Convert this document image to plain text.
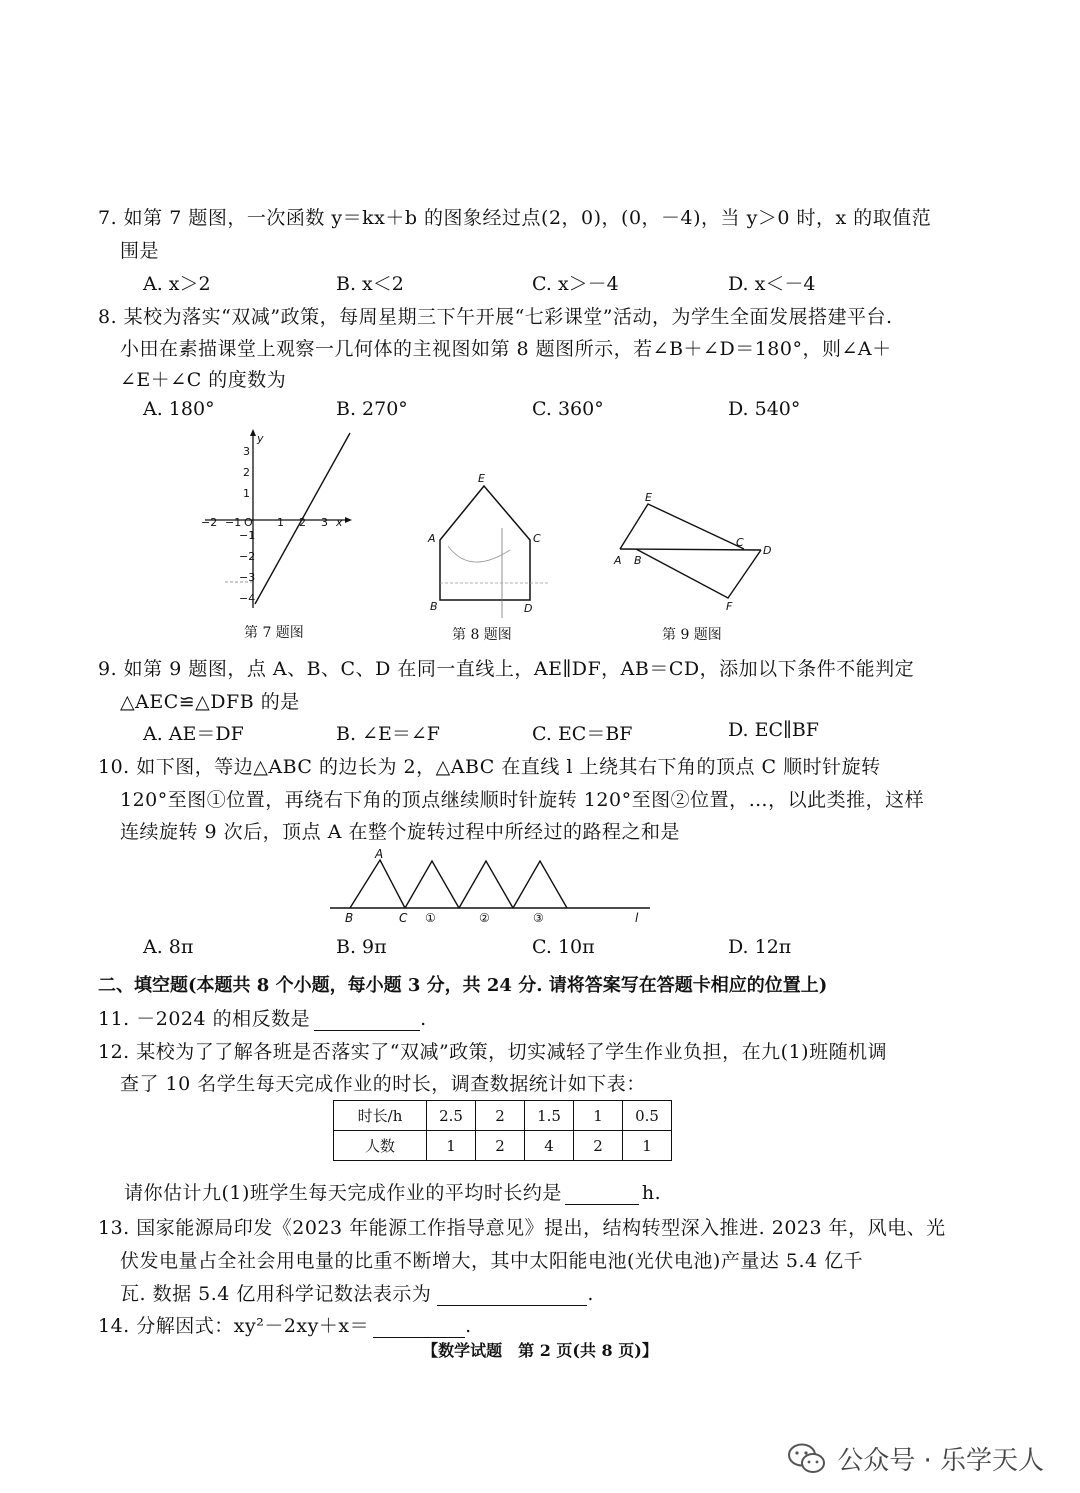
7. 如第 7 题图，一次函数 y＝kx＋b 的图象经过点(2，0)，(0，－4)，当 y＞0 时，x 的取值范
围是
A. x＞2	B. x＜2	C. x＞－4	D. x＜－4
8. 某校为落实“双减”政策，每周星期三下午开展“七彩课堂”活动，为学生全面发展搭建平台.
小田在素描课堂上观察一几何体的主视图如第 8 题图所示，若∠B＋∠D＝180°，则∠A＋
∠E＋∠C 的度数为
A. 180°	B. 270°	C. 360°	D. 540°
−2 −1 O 1 2 3 x
y
3
2
1
−1
−2
−3
−4
第 7 题图
E
A	C
B	D
第 8 题图
E
C
D
A B
F
第 9 题图
9. 如第 9 题图，点 A、B、C、D 在同一直线上，AE∥DF，AB＝CD，添加以下条件不能判定
△AEC≌△DFB 的是
A. AE＝DF	B. ∠E＝∠F	C. EC＝BF	D. EC∥BF
10. 如下图，等边△ABC 的边长为 2，△ABC 在直线 l 上绕其右下角的顶点 C 顺时针旋转
120°至图①位置，再绕右下角的顶点继续顺时针旋转 120°至图②位置，…，以此类推，这样
连续旋转 9 次后，顶点 A 在整个旋转过程中所经过的路程之和是
A
B	C ①	②	③	l
A. 8π	B. 9π	C. 10π	D. 12π
二、填空题(本题共 8 个小题，每小题 3 分，共 24 分. 请将答案写在答题卡相应的位置上)
11. －2024 的相反数是	.
12. 某校为了了解各班是否落实了“双减”政策，切实减轻了学生作业负担，在九(1)班随机调
查了 10 名学生每天完成作业的时长，调查数据统计如下表：
时长/h	2.5	2	1.5	1	0.5
人数	1	2	4	2	1
请你估计九(1)班学生每天完成作业的平均时长约是	h.
13. 国家能源局印发《2023 年能源工作指导意见》提出，结构转型深入推进. 2023 年，风电、光
伏发电量占全社会用电量的比重不断增大，其中太阳能电池(光伏电池)产量达 5.4 亿千
瓦. 数据 5.4 亿用科学记数法表示为	.
14. 分解因式：xy²－2xy＋x＝	.
【数学试题　第 2 页(共 8 页)】
公众号 · 乐学天人
